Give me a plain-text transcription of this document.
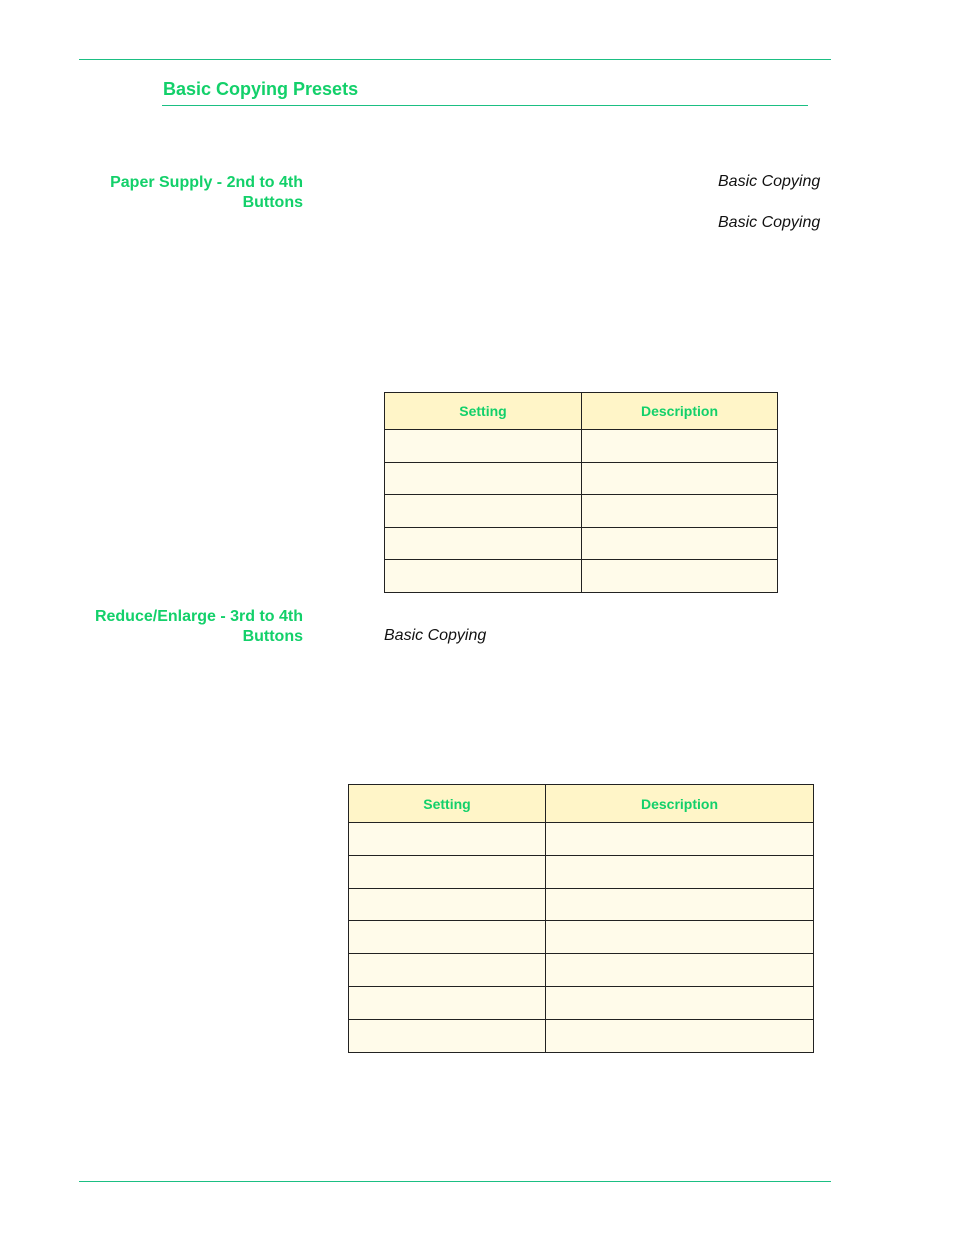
Basic Copying Presets
Paper Supply - 2nd to 4th
Buttons
Basic Copying
Basic Copying
Setting	Description

Reduce/Enlarge - 3rd to 4th
Buttons	Basic Copying
Setting	Description
